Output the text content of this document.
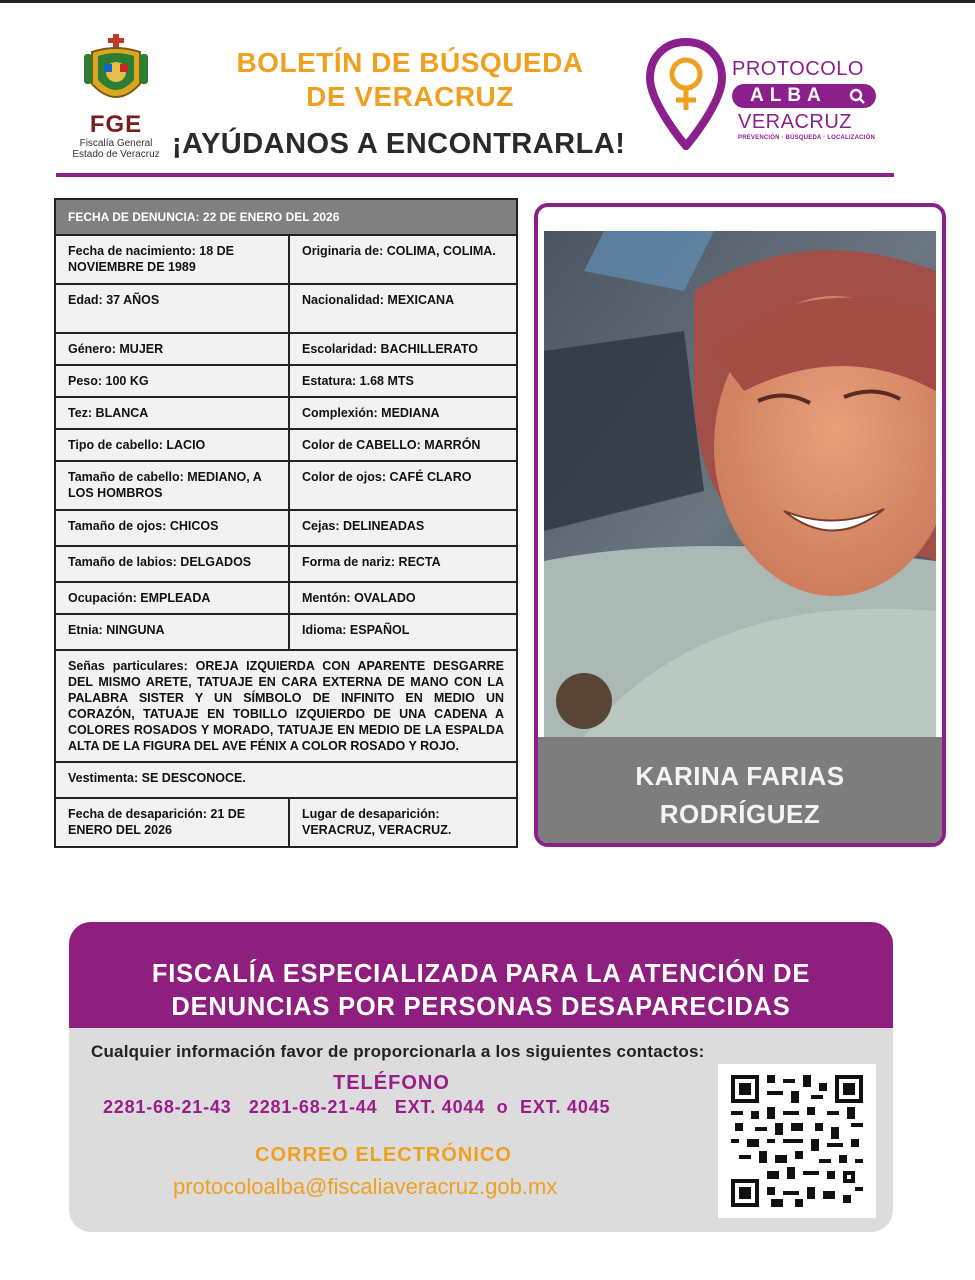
FGE
Fiscalía General
Estado de Veracruz
BOLETÍN DE BÚSQUEDA
DE VERACRUZ
¡AYÚDANOS A ENCONTRARLA!
PROTOCOLO
ALBA
VERACRUZ
PREVENCIÓN · BÚSQUEDA · LOCALIZACIÓN
FECHA DE DENUNCIA: 22 DE ENERO DEL 2026	
Fecha de nacimiento: 18 DE NOVIEMBRE DE 1989	Originaria de: COLIMA, COLIMA.
Edad: 37 AÑOS	Nacionalidad: MEXICANA
Género: MUJER	Escolaridad: BACHILLERATO
Peso: 100 KG	Estatura: 1.68 MTS
Tez: BLANCA	Complexión: MEDIANA
Tipo de cabello: LACIO	Color de CABELLO: MARRÓN
Tamaño de cabello: MEDIANO, A LOS HOMBROS	Color de ojos: CAFÉ CLARO
Tamaño de ojos: CHICOS	Cejas: DELINEADAS
Tamaño de labios: DELGADOS	Forma de nariz: RECTA
Ocupación: EMPLEADA	Mentón: OVALADO
Etnia: NINGUNA	Idioma: ESPAÑOL
Señas particulares: OREJA IZQUIERDA CON APARENTE DESGARRE DEL MISMO ARETE, TATUAJE EN CARA EXTERNA DE MANO CON LA PALABRA SISTER Y UN SÍMBOLO DE INFINITO EN MEDIO UN CORAZÓN, TATUAJE EN TOBILLO IZQUIERDO DE UNA CADENA A COLORES ROSADOS Y MORADO, TATUAJE EN MEDIO DE LA ESPALDA ALTA DE LA FIGURA DEL AVE FÉNIX A COLOR ROSADO Y ROJO.	
Vestimenta: SE DESCONOCE.	
Fecha de desaparición: 21 DE ENERO DEL 2026	Lugar de desaparición: VERACRUZ, VERACRUZ.
KARINA FARIAS
RODRÍGUEZ
FISCALÍA ESPECIALIZADA PARA LA ATENCIÓN DE
DENUNCIAS POR PERSONAS DESAPARECIDAS
Cualquier información favor de proporcionarla a los siguientes contactos:
TELÉFONO
2281-68-21-43   2281-68-21-44   EXT. 4044  o  EXT. 4045
CORREO ELECTRÓNICO
protocoloalba@fiscaliaveracruz.gob.mx
